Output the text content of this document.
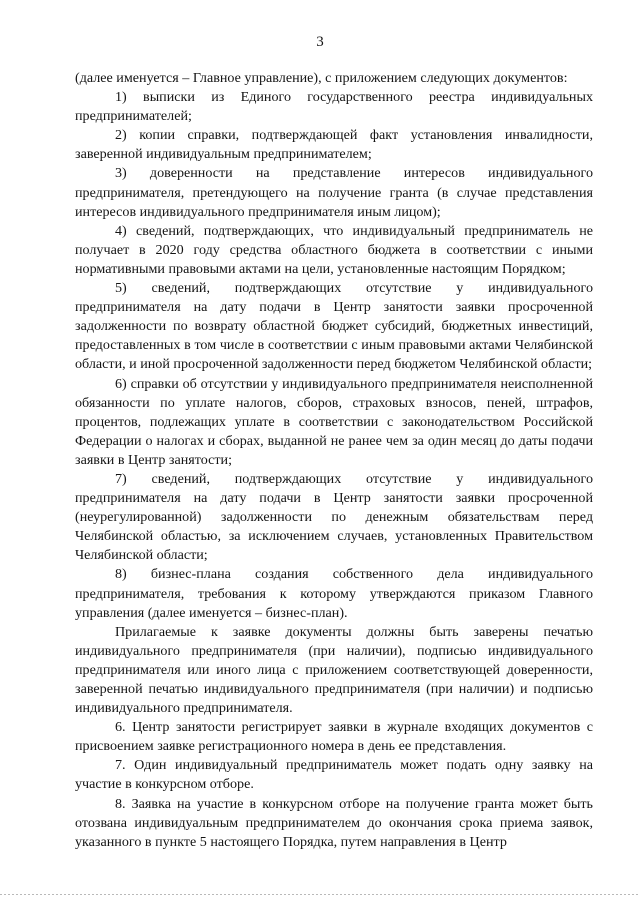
3

(далее именуется – Главное управление), с приложением следующих документов:

1) выписки из Единого государственного реестра индивидуальных предпринимателей;

2) копии справки, подтверждающей факт установления инвалидности, заверенной индивидуальным предпринимателем;

3) доверенности на представление интересов индивидуального предпринимателя, претендующего на получение гранта (в случае представления интересов индивидуального предпринимателя иным лицом);

4) сведений, подтверждающих, что индивидуальный предприниматель не получает в 2020 году средства областного бюджета в соответствии с иными нормативными правовыми актами на цели, установленные настоящим Порядком;

5) сведений, подтверждающих отсутствие у индивидуального предпринимателя на дату подачи в Центр занятости заявки просроченной задолженности по возврату областной бюджет субсидий, бюджетных инвестиций, предоставленных в том числе в соответствии с иным правовыми актами Челябинской области, и иной просроченной задолженности перед бюджетом Челябинской области;

6) справки об отсутствии у индивидуального предпринимателя неисполненной обязанности по уплате налогов, сборов, страховых взносов, пеней, штрафов, процентов, подлежащих уплате в соответствии с законодательством Российской Федерации о налогах и сборах, выданной не ранее чем за один месяц до даты подачи заявки в Центр занятости;

7) сведений, подтверждающих отсутствие у индивидуального предпринимателя на дату подачи в Центр занятости заявки просроченной (неурегулированной) задолженности по денежным обязательствам перед Челябинской областью, за исключением случаев, установленных Правительством Челябинской области;

8) бизнес-плана создания собственного дела индивидуального предпринимателя, требования к которому утверждаются приказом Главного управления (далее именуется – бизнес-план).

Прилагаемые к заявке документы должны быть заверены печатью индивидуального предпринимателя (при наличии), подписью индивидуального предпринимателя или иного лица с приложением соответствующей доверенности, заверенной печатью индивидуального предпринимателя (при наличии) и подписью индивидуального предпринимателя.

6. Центр занятости регистрирует заявки в журнале входящих документов с присвоением заявке регистрационного номера в день ее представления.

7. Один индивидуальный предприниматель может подать одну заявку на участие в конкурсном отборе.

8. Заявка на участие в конкурсном отборе на получение гранта может быть отозвана индивидуальным предпринимателем до окончания срока приема заявок, указанного в пункте 5 настоящего Порядка, путем направления в Центр
